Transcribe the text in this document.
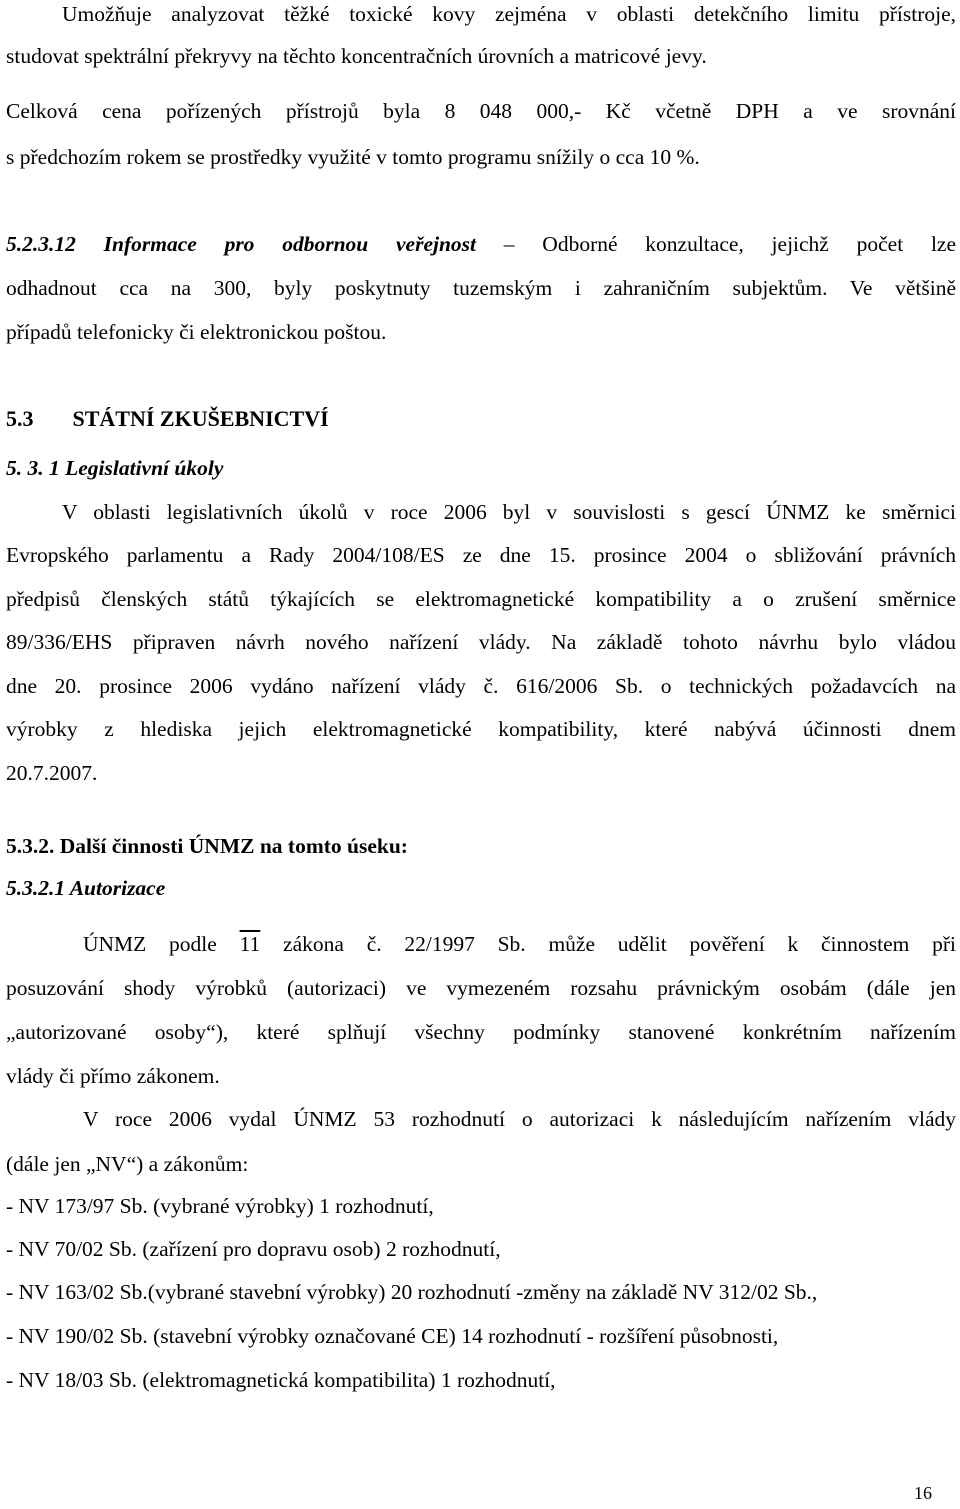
Umožňuje analyzovat těžké toxické kovy zejména v oblasti detekčního limitu přístroje,
studovat spektrální překryvy na těchto koncentračních úrovních a matricové jevy.
Celková cena pořízených přístrojů byla 8 048 000,- Kč včetně DPH a ve srovnání
s předchozím rokem se prostředky využité v tomto programu snížily o cca 10 %.
5.2.3.12 Informace pro odbornou veřejnost – Odborné konzultace, jejichž počet lze
odhadnout cca na 300, byly poskytnuty tuzemským i zahraničním subjektům. Ve většině
případů telefonicky či elektronickou poštou.
5.3 STÁTNÍ ZKUŠEBNICTVÍ
5. 3. 1 Legislativní úkoly
V oblasti legislativních úkolů v roce 2006 byl v souvislosti s gescí ÚNMZ ke směrnici
Evropského parlamentu a Rady 2004/108/ES ze dne 15. prosince 2004 o sbližování právních
předpisů členských států týkajících se elektromagnetické kompatibility a o zrušení směrnice
89/336/EHS připraven návrh nového nařízení vlády. Na základě tohoto návrhu bylo vládou
dne 20. prosince 2006 vydáno nařízení vlády č. 616/2006 Sb. o technických požadavcích na
výrobky z hlediska jejich elektromagnetické kompatibility, které nabývá účinnosti dnem
20.7.2007.
5.3.2. Další činnosti ÚNMZ na tomto úseku:
5.3.2.1 Autorizace
ÚNMZ podle 11 zákona č. 22/1997 Sb. může udělit pověření k činnostem při
posuzování shody výrobků (autorizaci) ve vymezeném rozsahu právnickým osobám (dále jen
„autorizované osoby“), které splňují všechny podmínky stanovené konkrétním nařízením
vlády či přímo zákonem.
V roce 2006 vydal ÚNMZ 53 rozhodnutí o autorizaci k následujícím nařízením vlády
(dále jen „NV“) a zákonům:
- NV 173/97 Sb. (vybrané výrobky) 1 rozhodnutí,
- NV 70/02 Sb. (zařízení pro dopravu osob) 2 rozhodnutí,
- NV 163/02 Sb.(vybrané stavební výrobky) 20 rozhodnutí -změny na základě NV 312/02 Sb.,
- NV 190/02 Sb. (stavební výrobky označované CE) 14 rozhodnutí - rozšíření působnosti,
- NV 18/03 Sb. (elektromagnetická kompatibilita) 1 rozhodnutí,
16
